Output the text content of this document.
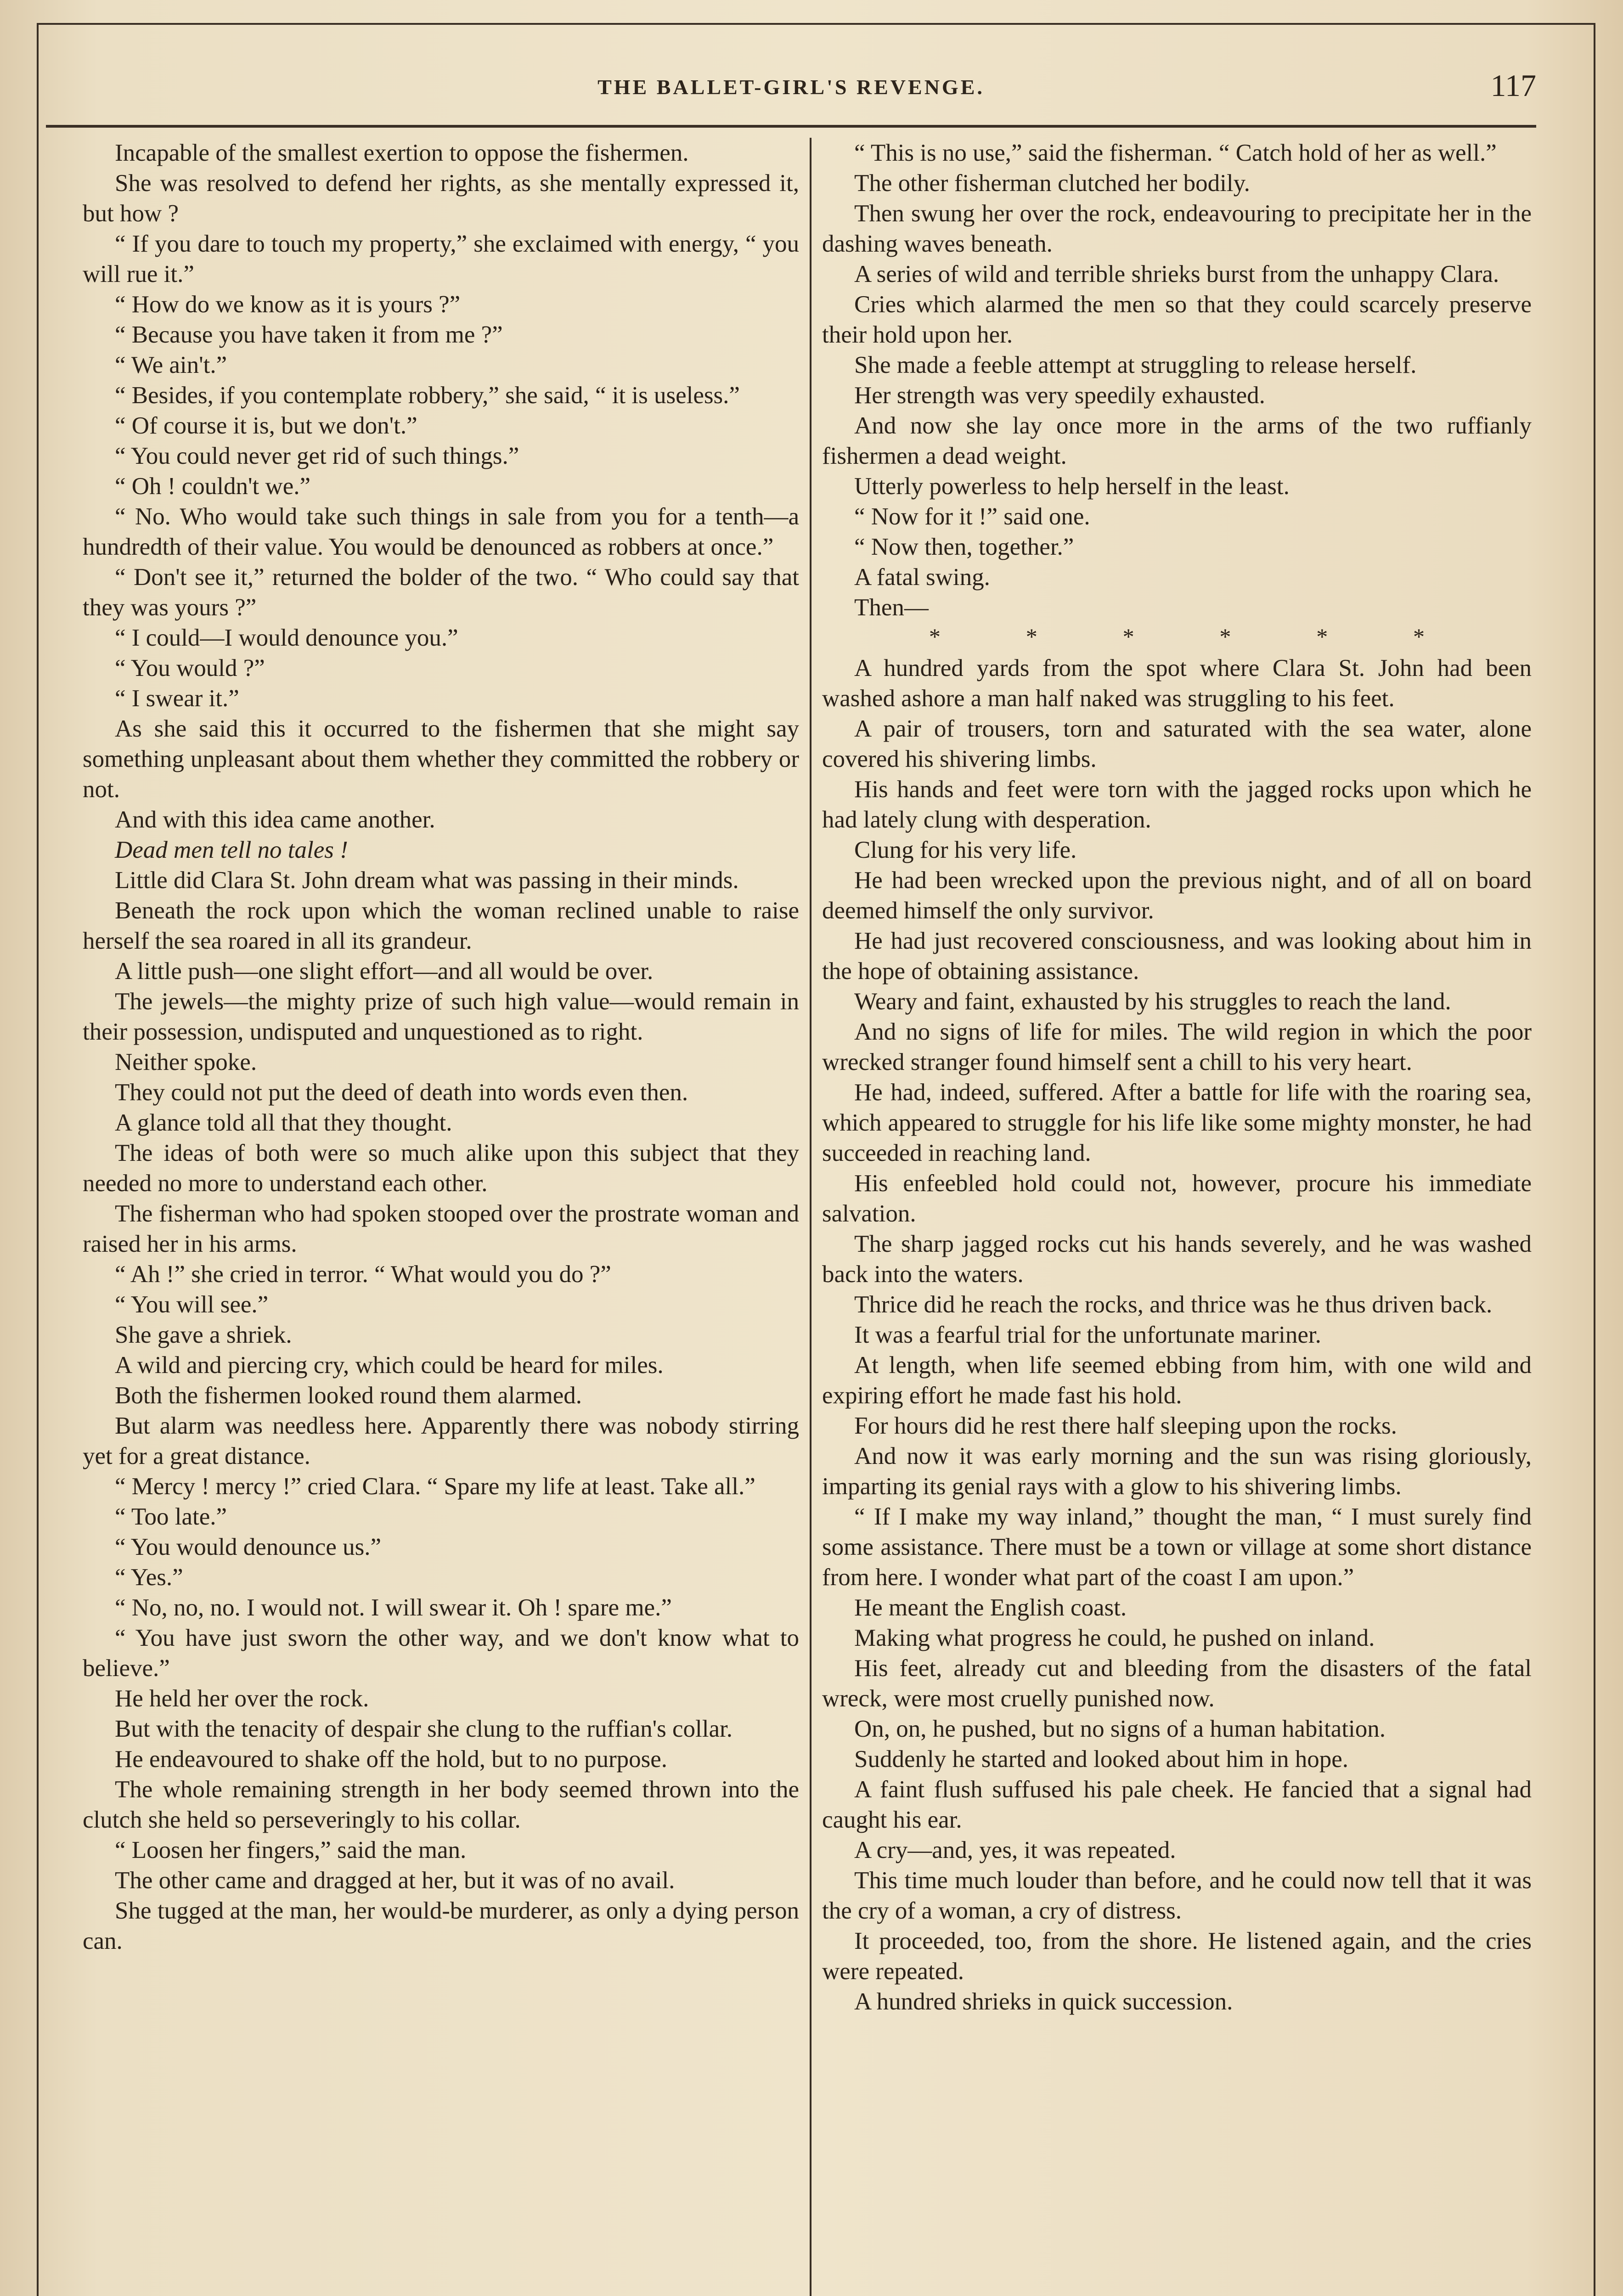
THE BALLET-GIRL'S REVENGE.	117

Incapable of the smallest exertion to oppose the fishermen.

She was resolved to defend her rights, as she mentally expressed it, but how ?

“ If you dare to touch my property,” she exclaimed with energy, “ you will rue it.”

“ How do we know as it is yours ?”

“ Because you have taken it from me ?”

“ We ain't.”

“ Besides, if you contemplate robbery,” she said, “ it is useless.”

“ Of course it is, but we don't.”

“ You could never get rid of such things.”

“ Oh ! couldn't we.”

“ No. Who would take such things in sale from you for a tenth—a hundredth of their value. You would be denounced as robbers at once.”

“ Don't see it,” returned the bolder of the two. “ Who could say that they was yours ?”

“ I could—I would denounce you.”

“ You would ?”

“ I swear it.”

As she said this it occurred to the fishermen that she might say something unpleasant about them whether they committed the robbery or not.

And with this idea came another.

Dead men tell no tales !

Little did Clara St. John dream what was passing in their minds.

Beneath the rock upon which the woman reclined unable to raise herself the sea roared in all its grandeur.

A little push—one slight effort—and all would be over.

The jewels—the mighty prize of such high value—would remain in their possession, undisputed and unquestioned as to right.

Neither spoke.

They could not put the deed of death into words even then.

A glance told all that they thought.

The ideas of both were so much alike upon this subject that they needed no more to understand each other.

The fisherman who had spoken stooped over the prostrate woman and raised her in his arms.

“ Ah !” she cried in terror. “ What would you do ?”

“ You will see.”

She gave a shriek.

A wild and piercing cry, which could be heard for miles.

Both the fishermen looked round them alarmed.

But alarm was needless here. Apparently there was nobody stirring yet for a great distance.

“ Mercy ! mercy !” cried Clara. “ Spare my life at least. Take all.”

“ Too late.”

“ You would denounce us.”

“ Yes.”

“ No, no, no. I would not. I will swear it. Oh ! spare me.”

“ You have just sworn the other way, and we don't know what to believe.”

He held her over the rock.

But with the tenacity of despair she clung to the ruffian's collar.

He endeavoured to shake off the hold, but to no purpose.

The whole remaining strength in her body seemed thrown into the clutch she held so perseveringly to his collar.

“ Loosen her fingers,” said the man.

The other came and dragged at her, but it was of no avail.

She tugged at the man, her would-be murderer, as only a dying person can.

“ This is no use,” said the fisherman. “ Catch hold of her as well.”

The other fisherman clutched her bodily.

Then swung her over the rock, endeavouring to precipitate her in the dashing waves beneath.

A series of wild and terrible shrieks burst from the unhappy Clara.

Cries which alarmed the men so that they could scarcely preserve their hold upon her.

She made a feeble attempt at struggling to release herself.

Her strength was very speedily exhausted.

And now she lay once more in the arms of the two ruffianly fishermen a dead weight.

Utterly powerless to help herself in the least.

“ Now for it !” said one.

“ Now then, together.”

A fatal swing.

Then—

*	*	*	*	*	*

A hundred yards from the spot where Clara St. John had been washed ashore a man half naked was struggling to his feet.

A pair of trousers, torn and saturated with the sea water, alone covered his shivering limbs.

His hands and feet were torn with the jagged rocks upon which he had lately clung with desperation.

Clung for his very life.

He had been wrecked upon the previous night, and of all on board deemed himself the only survivor.

He had just recovered consciousness, and was looking about him in the hope of obtaining assistance.

Weary and faint, exhausted by his struggles to reach the land.

And no signs of life for miles. The wild region in which the poor wrecked stranger found himself sent a chill to his very heart.

He had, indeed, suffered. After a battle for life with the roaring sea, which appeared to struggle for his life like some mighty monster, he had succeeded in reaching land.

His enfeebled hold could not, however, procure his immediate salvation.

The sharp jagged rocks cut his hands severely, and he was washed back into the waters.

Thrice did he reach the rocks, and thrice was he thus driven back.

It was a fearful trial for the unfortunate mariner.

At length, when life seemed ebbing from him, with one wild and expiring effort he made fast his hold.

For hours did he rest there half sleeping upon the rocks.

And now it was early morning and the sun was rising gloriously, imparting its genial rays with a glow to his shivering limbs.

“ If I make my way inland,” thought the man, “ I must surely find some assistance. There must be a town or village at some short distance from here. I wonder what part of the coast I am upon.”

He meant the English coast.

Making what progress he could, he pushed on inland.

His feet, already cut and bleeding from the disasters of the fatal wreck, were most cruelly punished now.

On, on, he pushed, but no signs of a human habitation.

Suddenly he started and looked about him in hope.

A faint flush suffused his pale cheek. He fancied that a signal had caught his ear.

A cry—and, yes, it was repeated.

This time much louder than before, and he could now tell that it was the cry of a woman, a cry of distress.

It proceeded, too, from the shore. He listened again, and the cries were repeated.

A hundred shrieks in quick succession.
